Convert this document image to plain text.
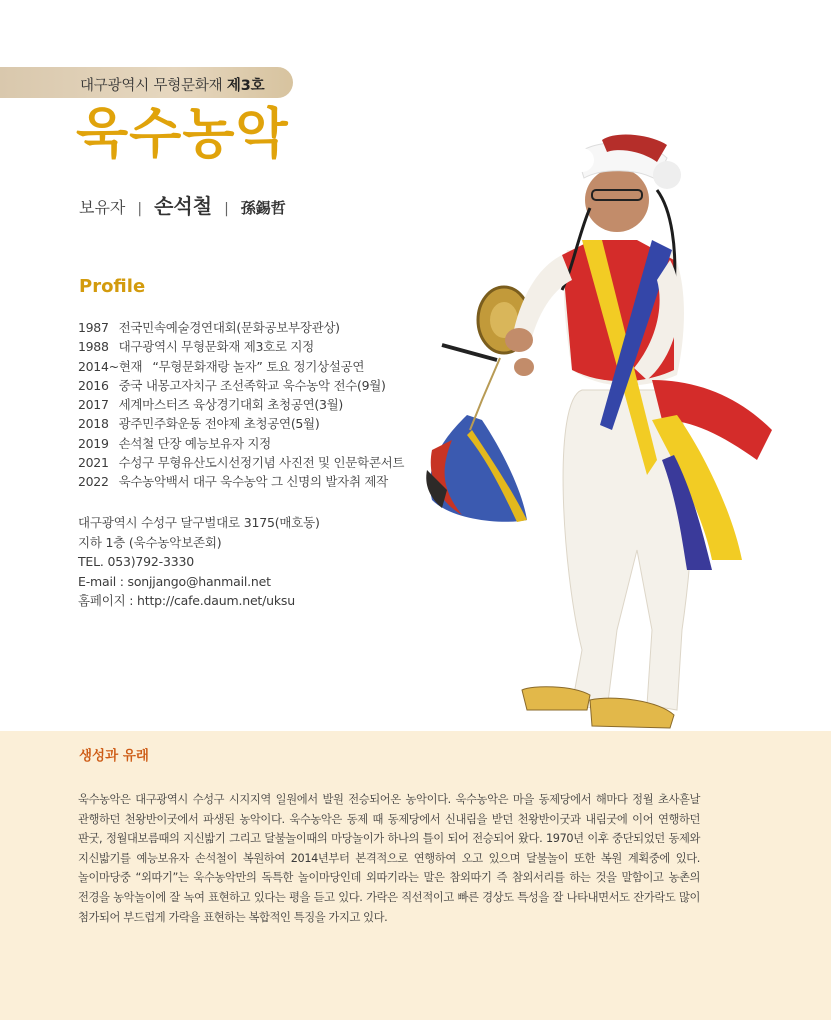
대구광역시 무형문화재 제3호
욱수농악
보유자 | 손석철 | 孫錫哲
Profile
1987 전국민속예술경연대회(문화공보부장관상)
1988 대구광역시 무형문화재 제3호로 지정
2014~현재 “무형문화재랑 놀자” 토요 정기상설공연
2016 중국 내몽고자치구 조선족학교 욱수농악 전수(9월)
2017 세계마스터즈 육상경기대회 초청공연(3월)
2018 광주민주화운동 전야제 초청공연(5월)
2019 손석철 단장 예능보유자 지정
2021 수성구 무형유산도시선정기념 사진전 및 인문학콘서트
2022 욱수농악백서 대구 욱수농악 그 신명의 발자취 제작
대구광역시 수성구 달구벌대로 3175(매호동)
지하 1층 (욱수농악보존회)
TEL. 053)792-3330
E-mail : sonjjango@hanmail.net
홈페이지 : http://cafe.daum.net/uksu
생성과 유래
욱수농악은 대구광역시 수성구 시지지역 일원에서 발원 전승되어온 농악이다. 욱수농악은 마을 동제당에서 해마다 정월 초사흗날 관행하던 천왕반이굿에서 파생된 농악이다. 욱수농악은 동제 때 동제당에서 신내림을 받던 천왕반이굿과 내림굿에 이어 연행하던 판굿, 정월대보름때의 지신밟기 그리고 달불놀이때의 마당놀이가 하나의 틀이 되어 전승되어 왔다. 1970년 이후 중단되었던 동제와 지신밟기를 예능보유자 손석철이 복원하여 2014년부터 본격적으로 연행하여 오고 있으며 달불놀이 또한 복원 계획중에 있다. 놀이마당중 “외따기”는 욱수농악만의 독특한 놀이마당인데 외따기라는 말은 참외따기 즉 참외서리를 하는 것을 말함이고 농촌의 전경을 농악놀이에 잘 녹여 표현하고 있다는 평을 듣고 있다. 가락은 직선적이고 빠른 경상도 특성을 잘 나타내면서도 잔가락도 많이 첨가되어 부드럽게 가락을 표현하는 복합적인 특징을 가지고 있다.
